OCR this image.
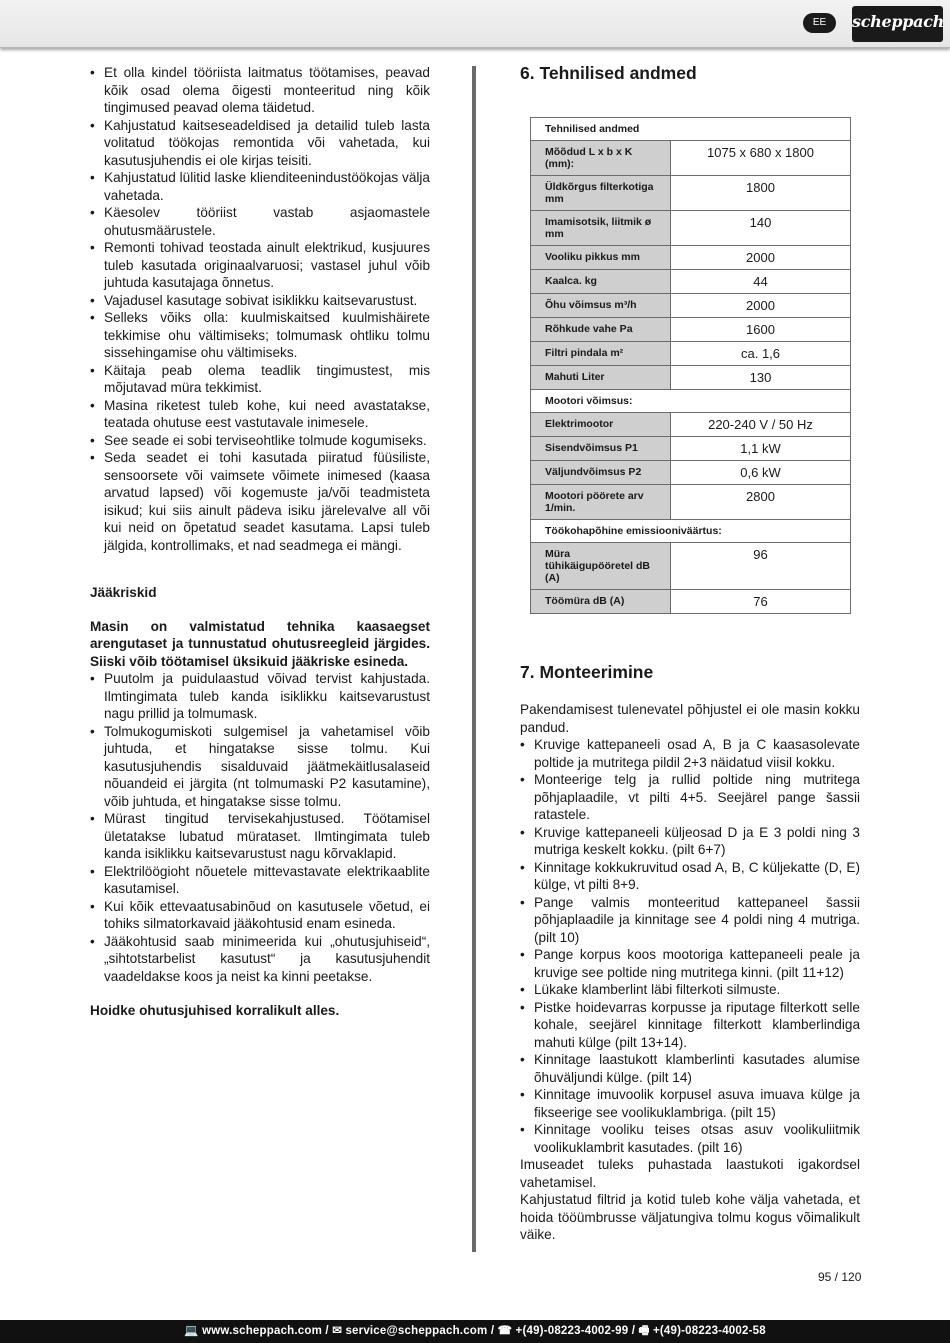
EE	scheppach
• Et olla kindel tööriista laitmatus töötamises, peavad kõik osad olema õigesti monteeritud ning kõik tingimused peavad olema täidetud.
• Kahjustatud kaitseseadeldised ja detailid tuleb lasta volitatud töökojas remontida või vahetada, kui kasutusjuhendis ei ole kirjas teisiti.
• Kahjustatud lülitid laske klienditeenindustöökojas välja vahetada.
• Käesolev tööriist vastab asjaomastele ohutusmäärustele.
• Remonti tohivad teostada ainult elektrikud, kusjuures tuleb kasutada originaalvaruosi; vastasel juhul võib juhtuda kasutajaga õnnetus.
• Vajadusel kasutage sobivat isiklikku kaitsevarustust.
• Selleks võiks olla: kuulmiskaitsed kuulmishäirete tekkimise ohu vältimiseks; tolmumask ohtliku tolmu sissehingamise ohu vältimiseks.
• Käitaja peab olema teadlik tingimustest, mis mõjutavad müra tekkimist.
• Masina riketest tuleb kohe, kui need avastatakse, teatada ohutuse eest vastutavale inimesele.
• See seade ei sobi terviseohtlike tolmude kogumiseks.
• Seda seadet ei tohi kasutada piiratud füüsiliste, sensoorsete või vaimsete võimete inimesed (kaasa arvatud lapsed) või kogemuste ja/või teadmisteta isikud; kui siis ainult pädeva isiku järelevalve all või kui neid on õpetatud seadet kasutama. Lapsi tuleb jälgida, kontrollimaks, et nad seadmega ei mängi.
Jääkriskid
Masin on valmistatud tehnika kaasaegset arengutaset ja tunnustatud ohutusreegleid järgides. Siiski võib töötamisel üksikuid jääkriske esineda.
• Puutolm ja puidulaastud võivad tervist kahjustada. Ilmtingimata tuleb kanda isiklikku kaitsevarustust nagu prillid ja tolmumask.
• Tolmukogumiskoti sulgemisel ja vahetamisel võib juhtuda, et hingatakse sisse tolmu. Kui kasutusjuhendis sisalduvaid jäätmekäitlusalaseid nõuandeid ei järgita (nt tolmumaski P2 kasutamine), võib juhtuda, et hingatakse sisse tolmu.
• Mürast tingitud tervisekahjustused. Töötamisel ületatakse lubatud mürataset. Ilmtingimata tuleb kanda isiklikku kaitsevarustust nagu kõrvaklapid.
• Elektrilöögioht nõuetele mittevastavate elektrikaablite kasutamisel.
• Kui kõik ettevaatusabinõud on kasutusele võetud, ei tohiks silmatorkavaid jääkohtusid enam esineda.
• Jääkohtusid saab minimeerida kui „ohutusjuhiseid“, „sihtotstarbelist kasutust“ ja kasutusjuhendit vaadeldakse koos ja neist ka kinni peetakse.
Hoidke ohutusjuhised korralikult alles.
6. Tehnilised andmed
Tehnilised andmed	
Mõõdud L x b x K (mm):	1075 x 680 x 1800
Üldkõrgus filterkotiga mm	1800
Imamisotsik, liitmik ø mm	140
Vooliku pikkus mm	2000
Kaalca. kg	44
Õhu võimsus m³/h	2000
Rõhkude vahe Pa	1600
Filtri pindala m²	ca. 1,6
Mahuti Liter	130
Mootori võimsus:	
Elektrimootor	220-240 V / 50 Hz
Sisendvõimsus P1	1,1 kW
Väljundvõimsus P2	0,6 kW
Mootori pöörete arv 1/min.	2800
Töökohapõhine emissiooniväärtus:	
Müra tühikäigupööretel dB (A)	96
Töömüra dB (A)	76
7. Monteerimine
Pakendamisest tulenevatel põhjustel ei ole masin kokku pandud.
• Kruvige kattepaneeli osad A, B ja C kaasasolevate poltide ja mutritega pildil 2+3 näidatud viisil kokku.
• Monteerige telg ja rullid poltide ning mutritega põhjaplaadile, vt pilti 4+5. Seejärel pange šassii ratastele.
• Kruvige kattepaneeli küljeosad D ja E 3 poldi ning 3 mutriga keskelt kokku. (pilt 6+7)
• Kinnitage kokkukruvitud osad A, B, C küljekatte (D, E) külge, vt pilti 8+9.
• Pange valmis monteeritud kattepaneel šassii põhjaplaadile ja kinnitage see 4 poldi ning 4 mutriga. (pilt 10)
• Pange korpus koos mootoriga kattepaneeli peale ja kruvige see poltide ning mutritega kinni. (pilt 11+12)
• Lükake klamberlint läbi filterkoti silmuste.
• Pistke hoidevarras korpusse ja riputage filterkott selle kohale, seejärel kinnitage filterkott klamberlindiga mahuti külge (pilt 13+14).
• Kinnitage laastukott klamberlinti kasutades alumise õhuväljundi külge. (pilt 14)
• Kinnitage imuvoolik korpusel asuva imuava külge ja fikseerige see voolikuklambriga. (pilt 15)
• Kinnitage vooliku teises otsas asuv voolikuliitmik voolikuklambrit kasutades. (pilt 16)
Imuseadet tuleks puhastada laastukoti igakordsel vahetamisel.
Kahjustatud filtrid ja kotid tuleb kohe välja vahetada, et hoida tööümbrusse väljatungiva tolmu kogus võimalikult väike.
95 / 120
💻 www.scheppach.com / ✉ service@scheppach.com / ☎ +(49)-08223-4002-99 / 🖷 +(49)-08223-4002-58
